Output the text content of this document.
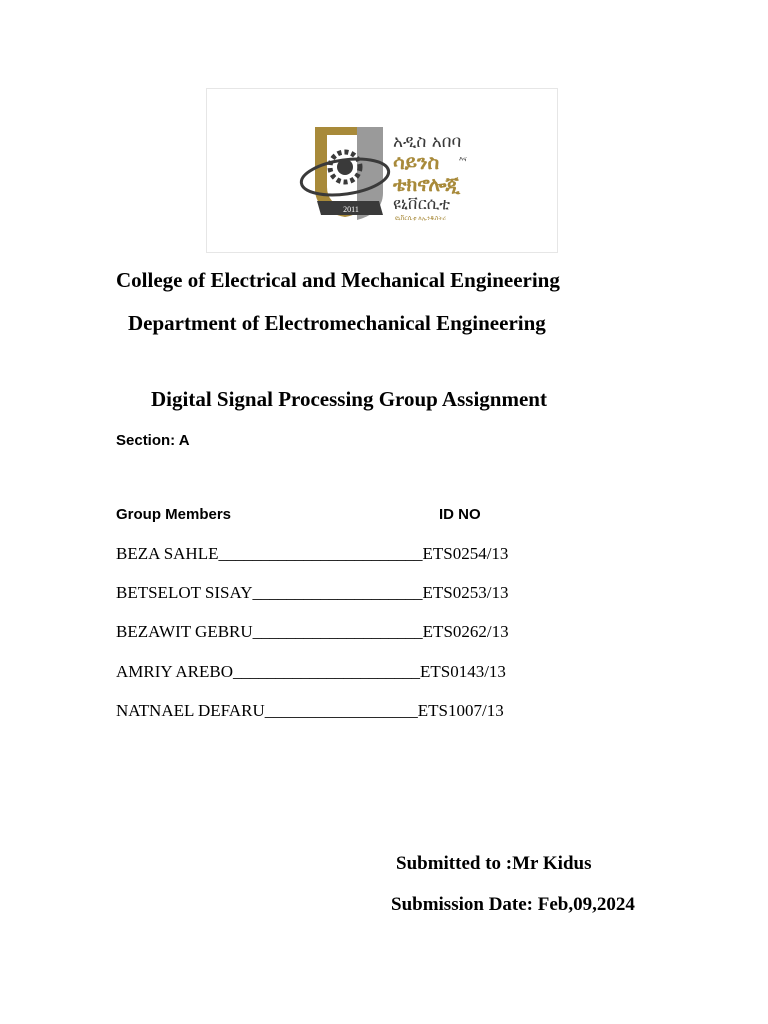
2011
አዲስ አበባ
ሳይንስ	እና
ቴክኖሎጂ
ዩኒቨርሲቲ
ዩኒቨርሲቲ ለኢንዱስትሪ
College of Electrical and Mechanical Engineering
Department of Electromechanical Engineering
Digital Signal Processing Group Assignment
Section: A
Group Members	ID NO
BEZA SAHLE________________________ETS0254/13
BETSELOT SISAY____________________ETS0253/13
BEZAWIT GEBRU____________________ETS0262/13
AMRIY AREBO______________________ETS0143/13
NATNAEL DEFARU__________________ETS1007/13
Submitted to :Mr Kidus
Submission Date: Feb,09,2024
